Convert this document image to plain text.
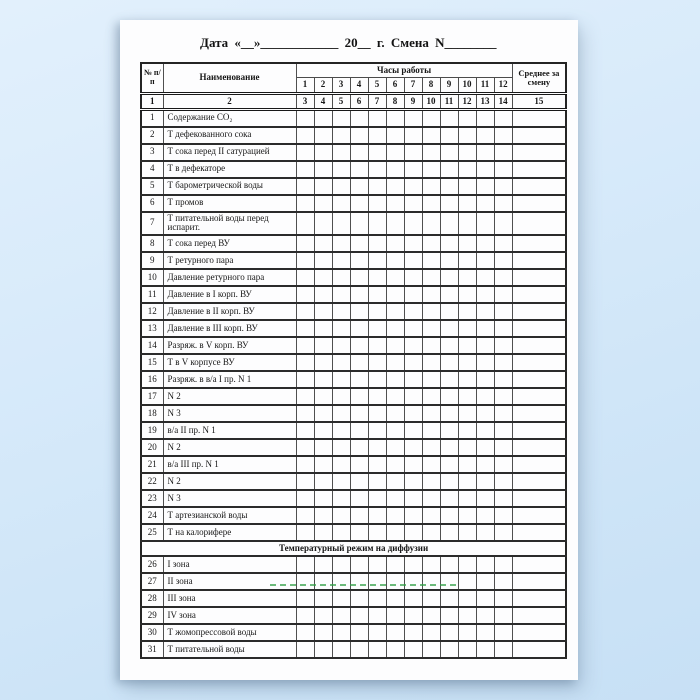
Дата «__»____________ 20__ г. Смена N________
№ п/п	Наименование	Часы работы												Среднее за смену
		1	2	3	4	5	6	7	8	9	10	11	12	
1	2	3	4	5	6	7	8	9	10	11	12	13	14	15
1	Содержание СО₂													
2	Т дефекованного сока													
3	Т сока перед II сатурацией													
4	Т в дефекаторе													
5	Т барометрической воды													
6	Т промов													
7	Т питательной воды перед испарит.													
8	Т сока перед ВУ													
9	Т ретурного пара													
10	Давление ретурного пара													
11	Давление в I корп. ВУ													
12	Давление в II корп. ВУ													
13	Давление в III корп. ВУ													
14	Разряж. в V корп. ВУ													
15	Т в V корпусе ВУ													
16	Разряж. в в/а I пр. N 1													
17	N 2													
18	N 3													
19	в/а II пр. N 1													
20	N 2													
21	в/а III пр. N 1													
22	N 2													
23	N 3													
24	Т артезианской воды													
25	Т на калорифере													
Температурный режим на диффузии														
26	I зона													
27	II зона													
28	III зона													
29	IV зона													
30	Т жомопрессовой воды													
31	Т питательной воды													
